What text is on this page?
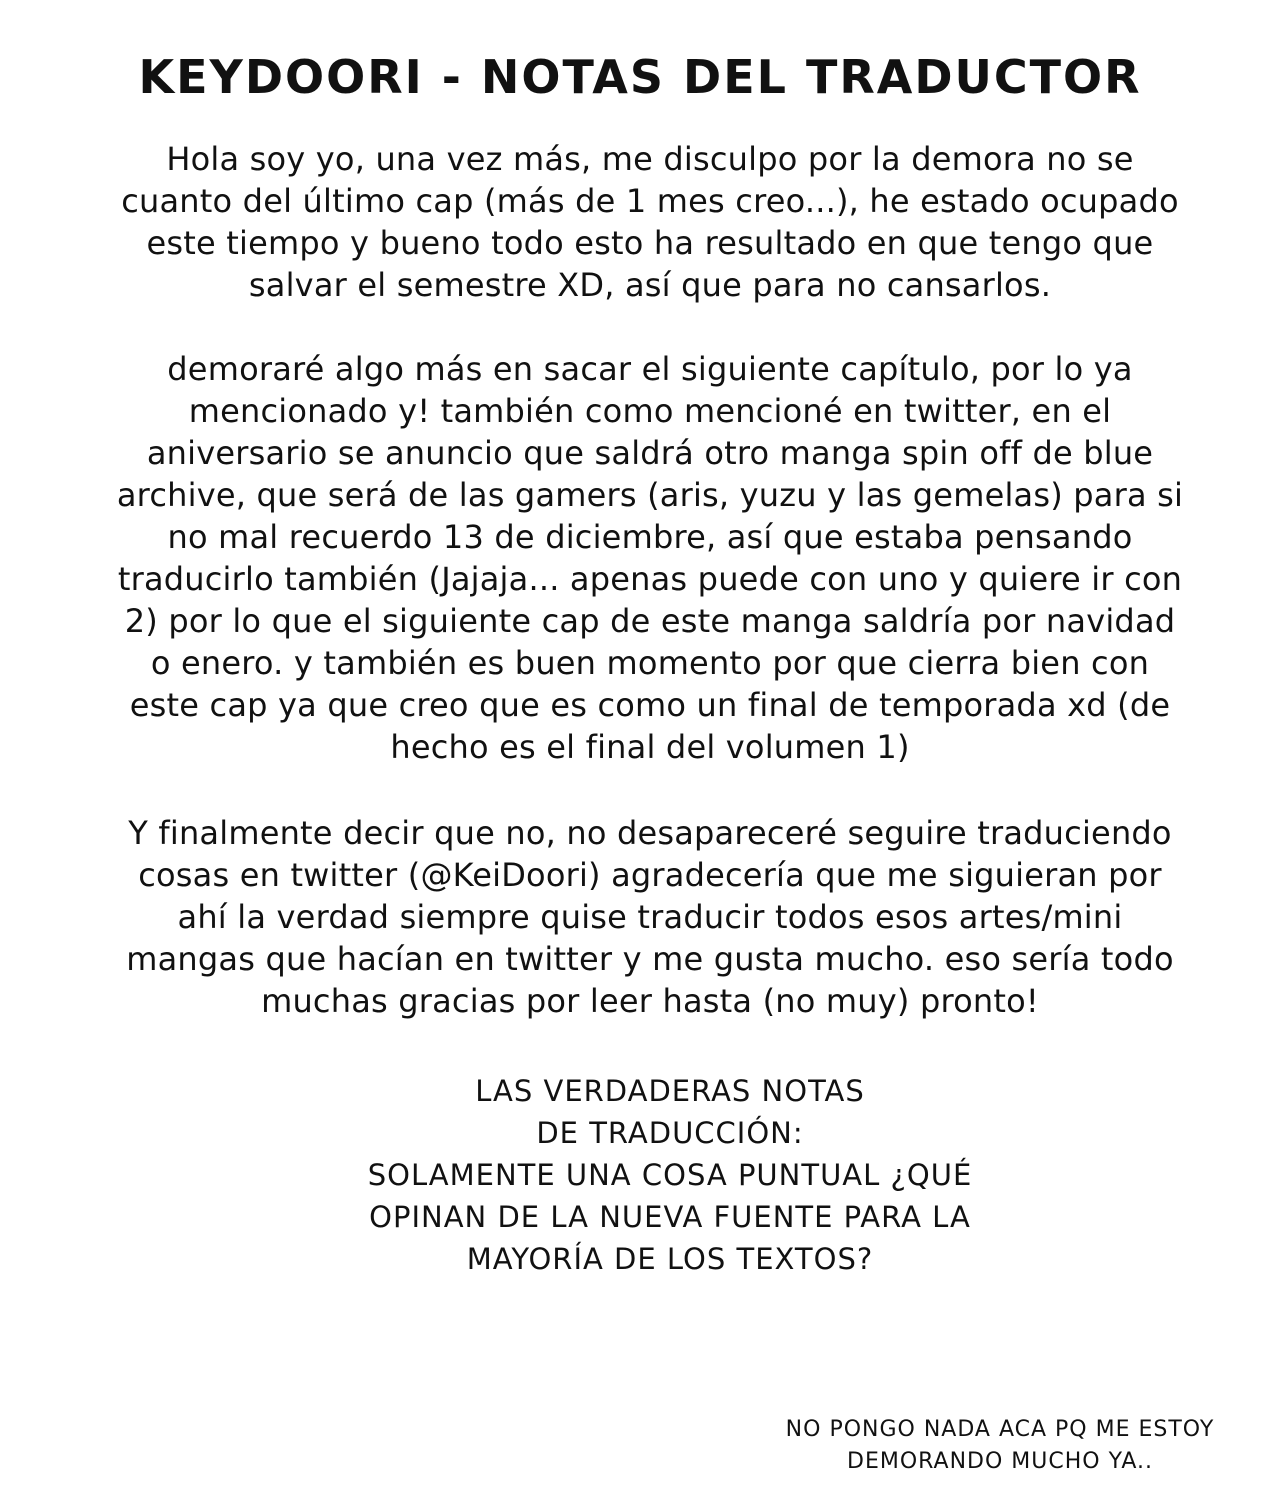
KEYDOORI - NOTAS DEL TRADUCTOR

Hola soy yo, una vez más, me disculpo por la demora no se
cuanto del último cap (más de 1 mes creo...), he estado ocupado
este tiempo y bueno todo esto ha resultado en que tengo que
salvar el semestre XD, así que para no cansarlos.

demoraré algo más en sacar el siguiente capítulo, por lo ya
mencionado y! también como mencioné en twitter, en el
aniversario se anuncio que saldrá otro manga spin off de blue
archive, que será de las gamers (aris, yuzu y las gemelas) para si
no mal recuerdo 13 de diciembre, así que estaba pensando
traducirlo también (Jajaja... apenas puede con uno y quiere ir con
2) por lo que el siguiente cap de este manga saldría por navidad
o enero. y también es buen momento por que cierra bien con
este cap ya que creo que es como un final de temporada xd (de
hecho es el final del volumen 1)

Y finalmente decir que no, no desapareceré seguire traduciendo
cosas en twitter (@KeiDoori) agradecería que me siguieran por
ahí la verdad siempre quise traducir todos esos artes/mini
mangas que hacían en twitter y me gusta mucho. eso sería todo
muchas gracias por leer hasta (no muy) pronto!

LAS VERDADERAS NOTAS
DE TRADUCCIÓN:
SOLAMENTE UNA COSA PUNTUAL ¿QUÉ
OPINAN DE LA NUEVA FUENTE PARA LA
MAYORÍA DE LOS TEXTOS?

NO PONGO NADA ACA PQ ME ESTOY
DEMORANDO MUCHO YA..
